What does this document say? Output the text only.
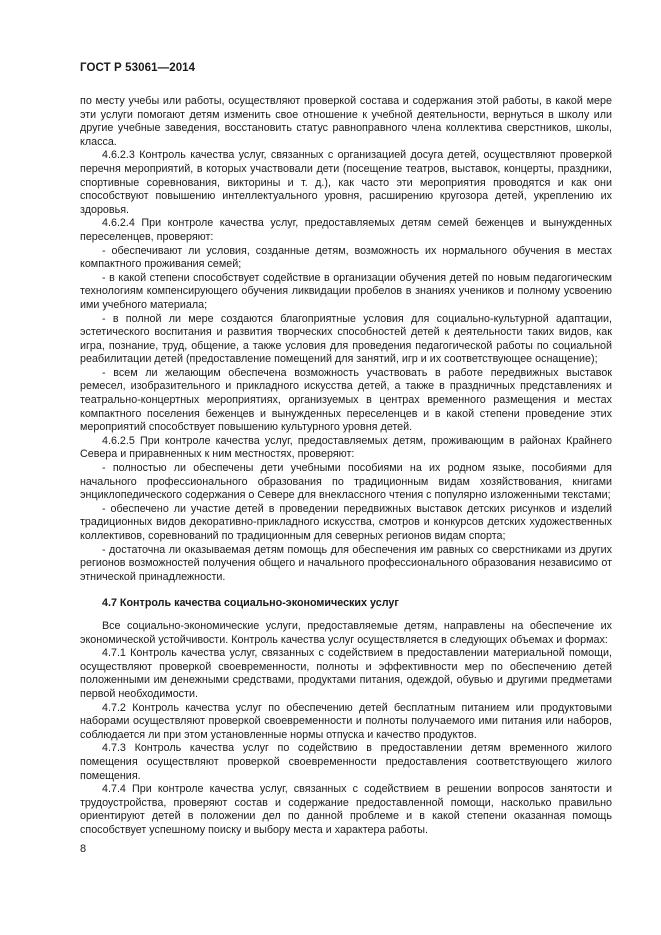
ГОСТ Р 53061—2014

по месту учебы или работы, осуществляют проверкой состава и содержания этой работы, в какой мере эти услуги помогают детям изменить свое отношение к учебной деятельности, вернуться в школу или другие учебные заведения, восстановить статус равноправного члена коллектива сверстников, школы, класса.

4.6.2.3 Контроль качества услуг, связанных с организацией досуга детей, осуществляют проверкой перечня мероприятий, в которых участвовали дети (посещение театров, выставок, концерты, праздники, спортивные соревнования, викторины и т. д.), как часто эти мероприятия проводятся и как они способствуют повышению интеллектуального уровня, расширению кругозора детей, укреплению их здоровья.

4.6.2.4 При контроле качества услуг, предоставляемых детям семей беженцев и вынужденных переселенцев, проверяют:

- обеспечивают ли условия, созданные детям, возможность их нормального обучения в местах компактного проживания семей;

- в какой степени способствует содействие в организации обучения детей по новым педагогическим технологиям компенсирующего обучения ликвидации пробелов в знаниях учеников и полному усвоению ими учебного материала;

- в полной ли мере создаются благоприятные условия для социально-культурной адаптации, эстетического воспитания и развития творческих способностей детей к деятельности таких видов, как игра, познание, труд, общение, а также условия для проведения педагогической работы по социальной реабилитации детей (предоставление помещений для занятий, игр и их соответствующее оснащение);

- всем ли желающим обеспечена возможность участвовать в работе передвижных выставок ремесел, изобразительного и прикладного искусства детей, а также в праздничных представлениях и театрально-концертных мероприятиях, организуемых в центрах временного размещения и местах компактного поселения беженцев и вынужденных переселенцев и в какой степени проведение этих мероприятий способствует повышению культурного уровня детей.

4.6.2.5 При контроле качества услуг, предоставляемых детям, проживающим в районах Крайнего Севера и приравненных к ним местностях, проверяют:

- полностью ли обеспечены дети учебными пособиями на их родном языке, пособиями для начального профессионального образования по традиционным видам хозяйствования, книгами энциклопедического содержания о Севере для внеклассного чтения с популярно изложенными текстами;

- обеспечено ли участие детей в проведении передвижных выставок детских рисунков и изделий традиционных видов декоративно-прикладного искусства, смотров и конкурсов детских художественных коллективов, соревнований по традиционным для северных регионов видам спорта;

- достаточна ли оказываемая детям помощь для обеспечения им равных со сверстниками из других регионов возможностей получения общего и начального профессионального образования независимо от этнической принадлежности.

4.7 Контроль качества социально-экономических услуг

Все социально-экономические услуги, предоставляемые детям, направлены на обеспечение их экономической устойчивости. Контроль качества услуг осуществляется в следующих объемах и формах:

4.7.1 Контроль качества услуг, связанных с содействием в предоставлении материальной помощи, осуществляют проверкой своевременности, полноты и эффективности мер по обеспечению детей положенными им денежными средствами, продуктами питания, одеждой, обувью и другими предметами первой необходимости.

4.7.2 Контроль качества услуг по обеспечению детей бесплатным питанием или продуктовыми наборами осуществляют проверкой своевременности и полноты получаемого ими питания или наборов, соблюдается ли при этом установленные нормы отпуска и качество продуктов.

4.7.3 Контроль качества услуг по содействию в предоставлении детям временного жилого помещения осуществляют проверкой своевременности предоставления соответствующего жилого помещения.

4.7.4 При контроле качества услуг, связанных с содействием в решении вопросов занятости и трудоустройства, проверяют состав и содержание предоставленной помощи, насколько правильно ориентируют детей в положении дел по данной проблеме и в какой степени оказанная помощь способствует успешному поиску и выбору места и характера работы.

8
